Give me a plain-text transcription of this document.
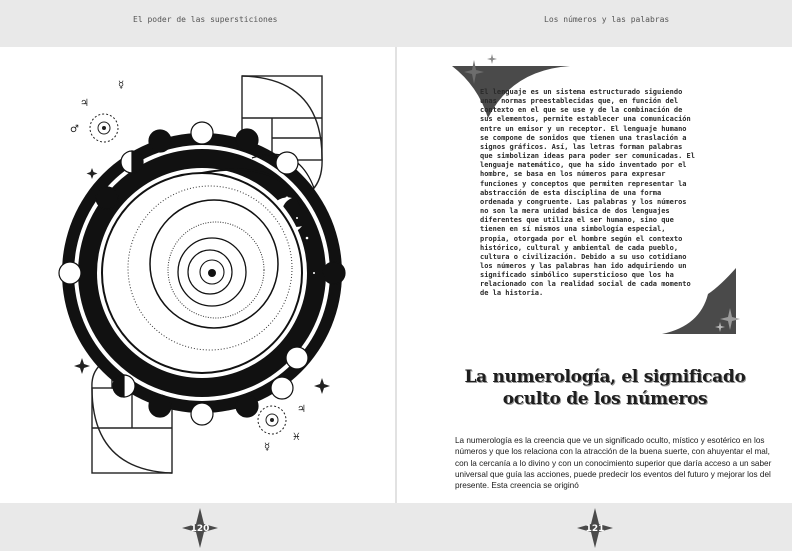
El poder de las supersticiones	Los números y las palabras
♃
☿
♂
♃
♓
☿

El lenguaje es un sistema estructurado siguiendo unas normas preestablecidas que, en función del contexto en el que se use y de la combinación de sus elementos, permite establecer una comunicación entre un emisor y un receptor. El lenguaje humano se compone de sonidos que tienen una traslación a signos gráficos. Así, las letras forman palabras que simbolizan ideas para poder ser comunicadas. El lenguaje matemático, que ha sido inventado por el hombre, se basa en los números para expresar funciones y conceptos que permiten representar la abstracción de esta disciplina de una forma ordenada y congruente. Las palabras y los números no son la mera unidad básica de dos lenguajes diferentes que utiliza el ser humano, sino que tienen en sí mismos una simbología especial, propia, otorgada por el hombre según el contexto histórico, cultural y ambiental de cada pueblo, cultura o civilización. Debido a su uso cotidiano los números y las palabras han ido adquiriendo un significado simbólico supersticioso que los ha relacionado con la realidad social de cada momento de la historia.

La numerología, el significado oculto de los números

La numerología es la creencia que ve un significado oculto, místico y esotérico en los números y que los relaciona con la atracción de la buena suerte, con ahuyentar el mal, con la cercanía a lo divino y con un conocimiento superior que daría acceso a un saber universal que guía las acciones, puede predecir los eventos del futuro y mejorar los del presente. Esta creencia se originó

120	121
